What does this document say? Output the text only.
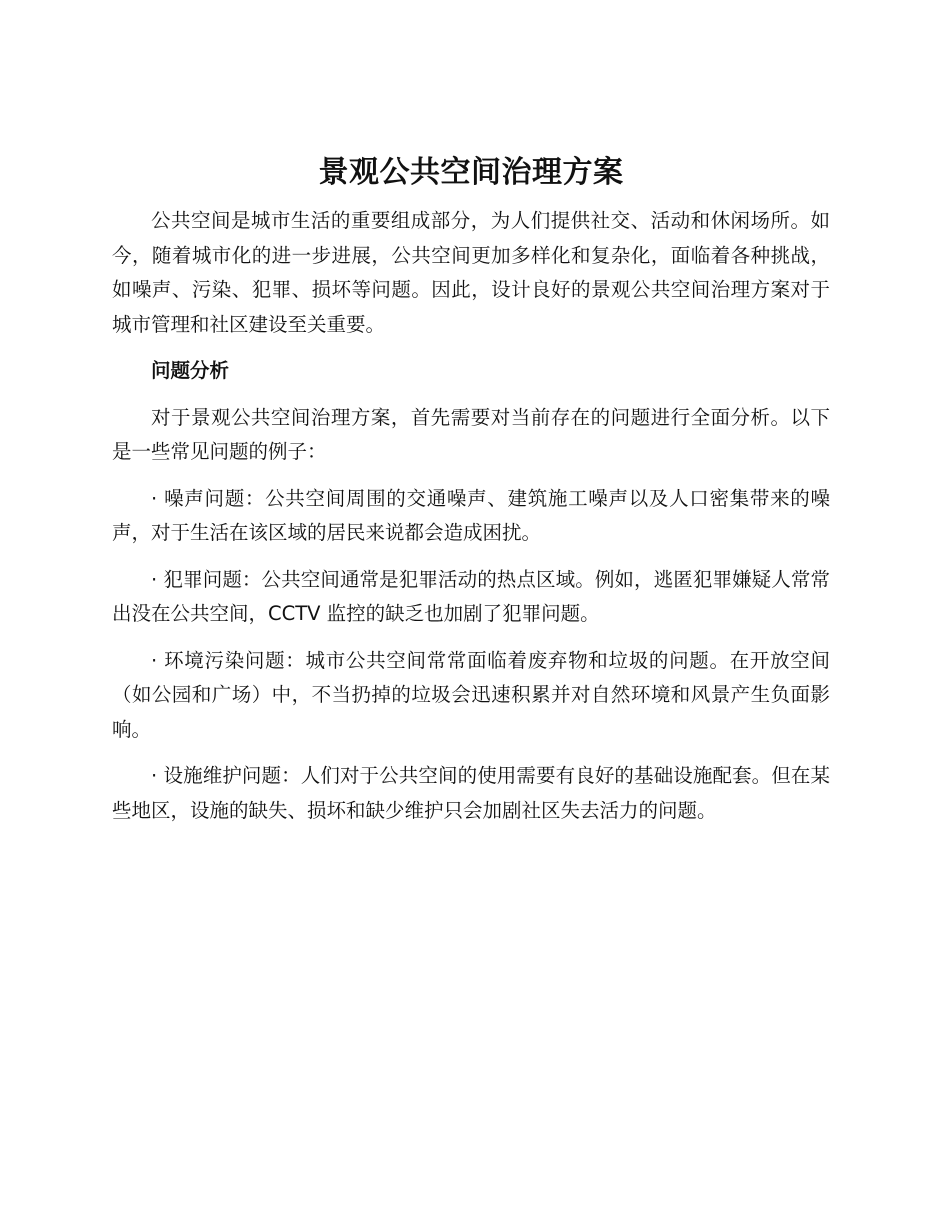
景观公共空间治理方案

公共空间是城市生活的重要组成部分，为人们提供社交、活动和休闲场所。如今，随着城市化的进一步进展，公共空间更加多样化和复杂化，面临着各种挑战，如噪声、污染、犯罪、损坏等问题。因此，设计良好的景观公共空间治理方案对于城市管理和社区建设至关重要。

问题分析

对于景观公共空间治理方案，首先需要对当前存在的问题进行全面分析。以下是一些常见问题的例子：

· 噪声问题：公共空间周围的交通噪声、建筑施工噪声以及人口密集带来的噪声，对于生活在该区域的居民来说都会造成困扰。

· 犯罪问题：公共空间通常是犯罪活动的热点区域。例如，逃匿犯罪嫌疑人常常出没在公共空间，CCTV 监控的缺乏也加剧了犯罪问题。

· 环境污染问题：城市公共空间常常面临着废弃物和垃圾的问题。在开放空间（如公园和广场）中，不当扔掉的垃圾会迅速积累并对自然环境和风景产生负面影响。

· 设施维护问题：人们对于公共空间的使用需要有良好的基础设施配套。但在某些地区，设施的缺失、损坏和缺少维护只会加剧社区失去活力的问题。
